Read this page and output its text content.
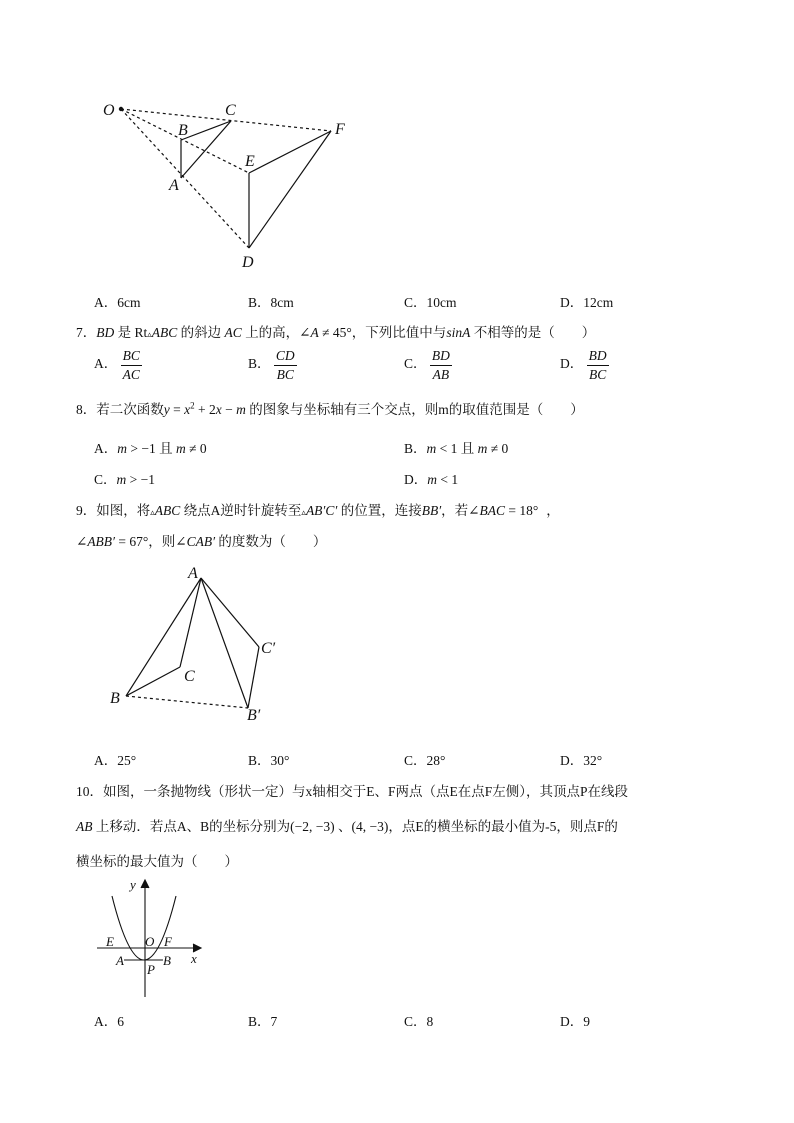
O
B
C
A
E
F
D
A．6cm	B．8cm	C．10cm	D．12cm
7．BD 是 Rt▵ABC 的斜边 AC 上的高，∠A ≠ 45°，下列比值中与sinA 不相等的是（　　）
A． $\frac{BC}{AC}$	B． $\frac{CD}{BC}$	C． $\frac{BD}{AB}$	D． $\frac{BD}{BC}$
8．若二次函数$y = x^2 + 2x - m$ 的图象与坐标轴有三个交点，则m的取值范围是（　　）
A．m > −1 且 m ≠ 0	B．m < 1 且 m ≠ 0
C．m > −1	D．m < 1
9．如图，将▵ABC 绕点A逆时针旋转至▵AB′C′ 的位置，连接BB′，若∠BAC = 18° ，
∠ABB′ = 67°，则∠CAB′ 的度数为（　　）
A
C
C′
B
B′
A．25°	B．30°	C．28°	D．32°
10．如图，一条抛物线（形状一定）与x轴相交于E、F两点（点E在点F左侧），其顶点P在线段
AB 上移动．若点A、B的坐标分别为(−2, −3) 、(4, −3)，点E的横坐标的最小值为-5，则点F的
横坐标的最大值为（　　）
y
x
E O F
A	B
P
A．6	B．7	C．8	D．9
